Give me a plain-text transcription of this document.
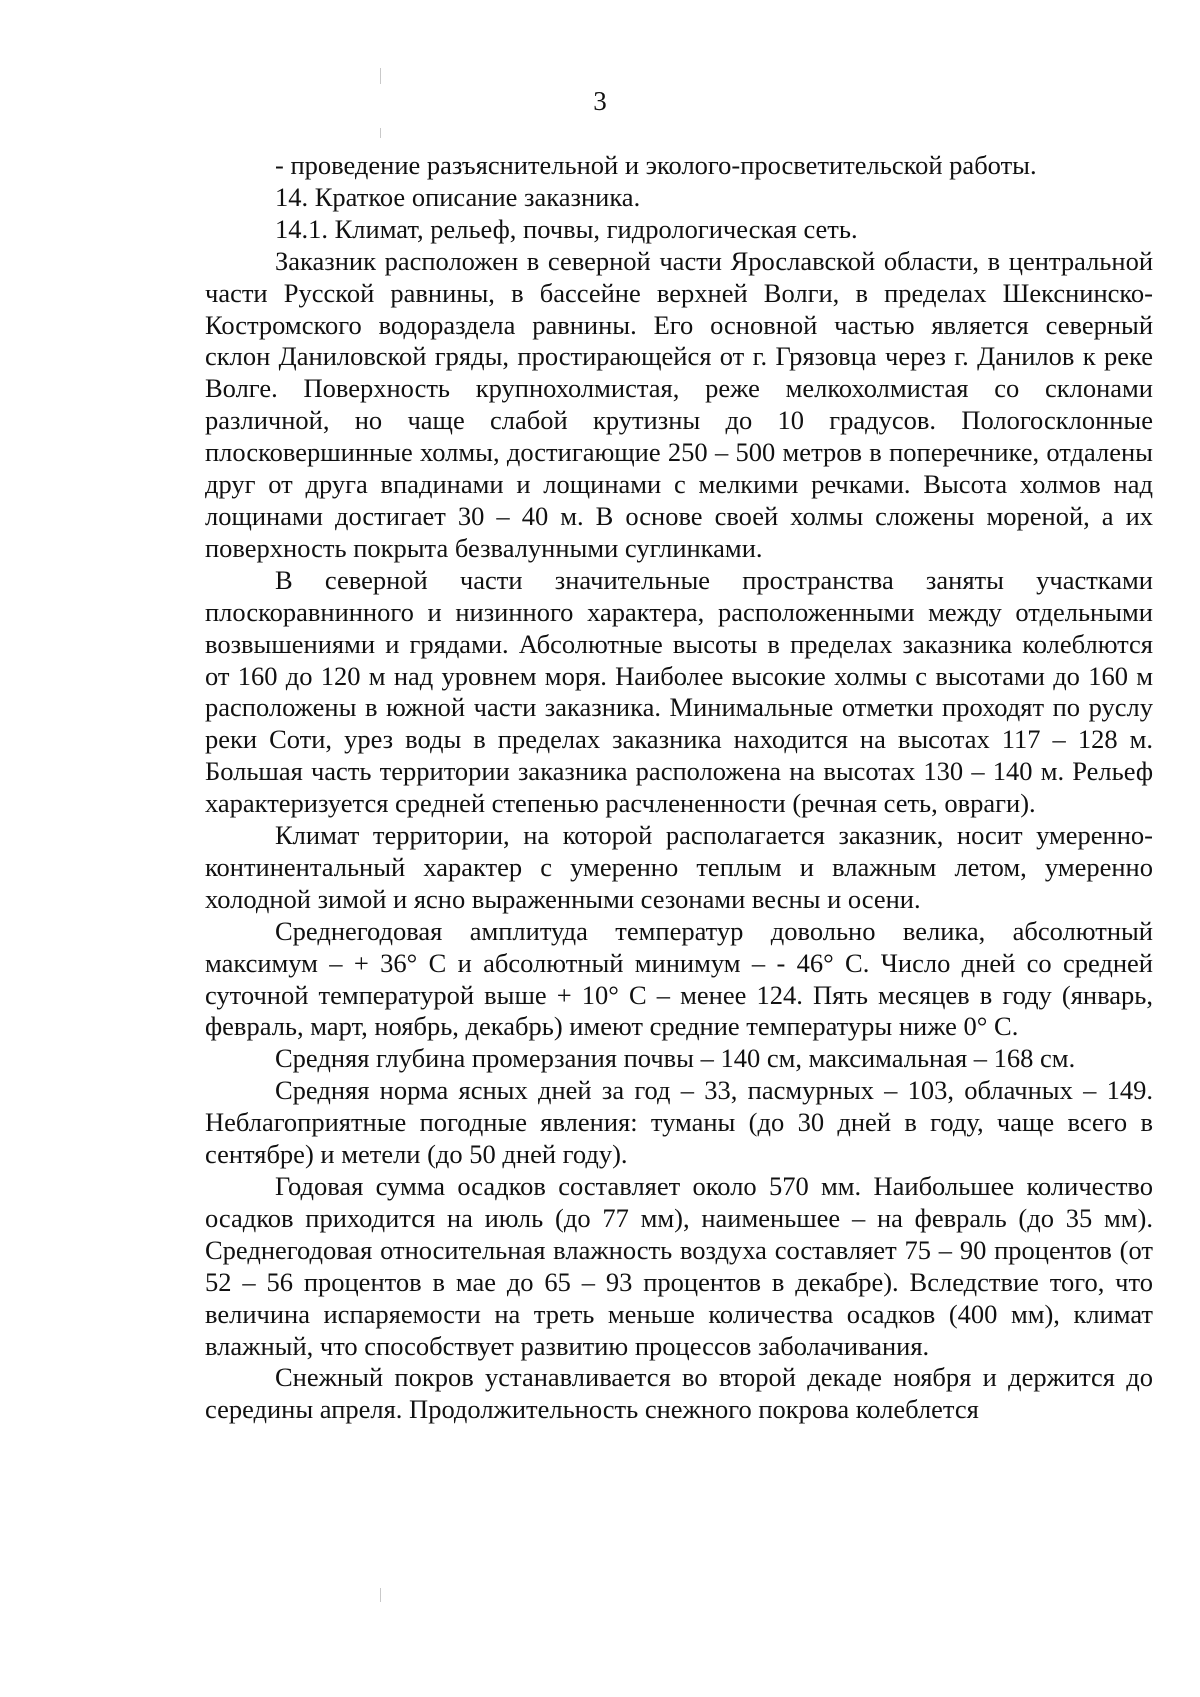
3

- проведение разъяснительной и эколого-просветительской работы.

14. Краткое описание заказника.

14.1. Климат, рельеф, почвы, гидрологическая сеть.

Заказник расположен в северной части Ярославской области, в центральной части Русской равнины, в бассейне верхней Волги, в пределах Шекснинско-Костромского водораздела равнины. Его основной частью является северный склон Даниловской гряды, простирающейся от г. Грязовца через г. Данилов к реке Волге. Поверхность крупнохолмистая, реже мелкохолмистая со склонами различной, но чаще слабой крутизны до 10 градусов. Пологосклонные плосковершинные холмы, достигающие 250 – 500 метров в поперечнике, отдалены друг от друга впадинами и лощинами с мелкими речками. Высота холмов над лощинами достигает 30 – 40 м. В основе своей холмы сложены мореной, а их поверхность покрыта безвалунными суглинками.

В северной части значительные пространства заняты участками плоскоравнинного и низинного характера, расположенными между отдельными возвышениями и грядами. Абсолютные высоты в пределах заказника колеблются от 160 до 120 м над уровнем моря. Наиболее высокие холмы с высотами до 160 м расположены в южной части заказника. Минимальные отметки проходят по руслу реки Соти, урез воды в пределах заказника находится на высотах 117 – 128 м. Большая часть территории заказника расположена на высотах 130 – 140 м. Рельеф характеризуется средней степенью расчлененности (речная сеть, овраги).

Климат территории, на которой располагается заказник, носит умеренно-континентальный характер с умеренно теплым и влажным летом, умеренно холодной зимой и ясно выраженными сезонами весны и осени.

Среднегодовая амплитуда температур довольно велика, абсолютный максимум – + 36° С и абсолютный минимум – - 46° С. Число дней со средней суточной температурой выше + 10° С – менее 124. Пять месяцев в году (январь, февраль, март, ноябрь, декабрь) имеют средние температуры ниже 0° С.

Средняя глубина промерзания почвы – 140 см, максимальная – 168 см.

Средняя норма ясных дней за год – 33, пасмурных – 103, облачных – 149. Неблагоприятные погодные явления: туманы (до 30 дней в году, чаще всего в сентябре) и метели (до 50 дней году).

Годовая сумма осадков составляет около 570 мм. Наибольшее количество осадков приходится на июль (до 77 мм), наименьшее – на февраль (до 35 мм). Среднегодовая относительная влажность воздуха составляет 75 – 90 процентов (от 52 – 56 процентов в мае до 65 – 93 процентов в декабре). Вследствие того, что величина испаряемости на треть меньше количества осадков (400 мм), климат влажный, что способствует развитию процессов заболачивания.

Снежный покров устанавливается во второй декаде ноября и держится до середины апреля. Продолжительность снежного покрова колеблется
